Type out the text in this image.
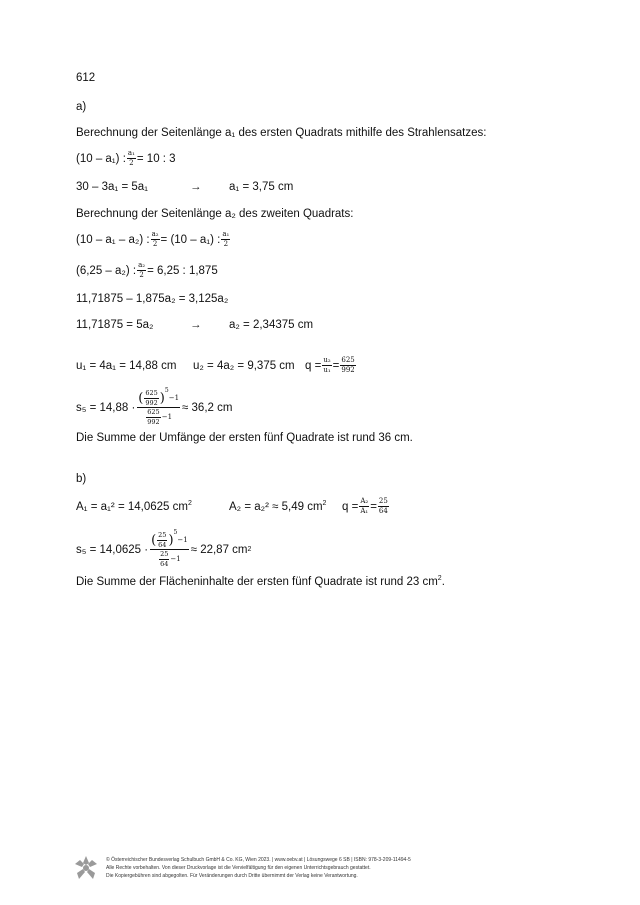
612
a)
Berechnung der Seitenlänge a₁ des ersten Quadrats mithilfe des Strahlensatzes:
(10 – a₁) : $\frac{\text{a₁}}{2} = 10$ : 3
30 – 3a₁ = 5a₁	→ a₁ = 3,75 cm
Berechnung der Seitenlänge a₂ des zweiten Quadrats:
(10 – a₁ – a₂) : $\frac{\text{a₂}}{2} = (10 - a_1)$ : $\frac{\text{a₁}}{2}$
(6,25 – a₂) : $\frac{\text{a₂}}{2} = 6,25$ : 1,875
11,71875 – 1,875a₂ = 3,125a₂
11,71875 = 5a₂	→ a₂ = 2,34375 cm
u₁ = 4a₁ = 14,88 cm u₂ = 4a₂ = 9,375 cm $q = \frac{\text{u₂}}{\text{u₁}} = \frac{625}{992}$
s₅ = 14,88 ·
( $\frac{625}{992}$ ) 5
−1
$\frac{625}{992} -1$
≈ 36,2 cm
Die Summe der Umfänge der ersten fünf Quadrate ist rund 36 cm.
b)
A₁ = a₁² = 14,0625 $cm^2$	A₂ = a₂² ≈ 5,49 $cm^2$ $q = \frac{\text{A₂}}{\text{A₁}} = \frac{25}{64}$
s₅ = 14,0625 ·
( $\frac{25}{64}$ ) 5
−1
$\frac{25}{64} -1$
≈ 22,87 cm 2
Die Summe der Flächeninhalte der ersten fünf Quadrate ist rund 23 $cm^2$.
© Österreichischer Bundesverlag Schulbuch GmbH & Co. KG, Wien 2023. | www.oebv.at | Lösungswege 6 SB | ISBN: 978-3-209-11494-5
Alle Rechte vorbehalten. Von dieser Druckvorlage ist die Vervielfältigung für den eigenen Unterrichtsgebrauch gestattet.
Die Kopiergebühren sind abgegolten. Für Veränderungen durch Dritte übernimmt der Verlag keine Verantwortung.
